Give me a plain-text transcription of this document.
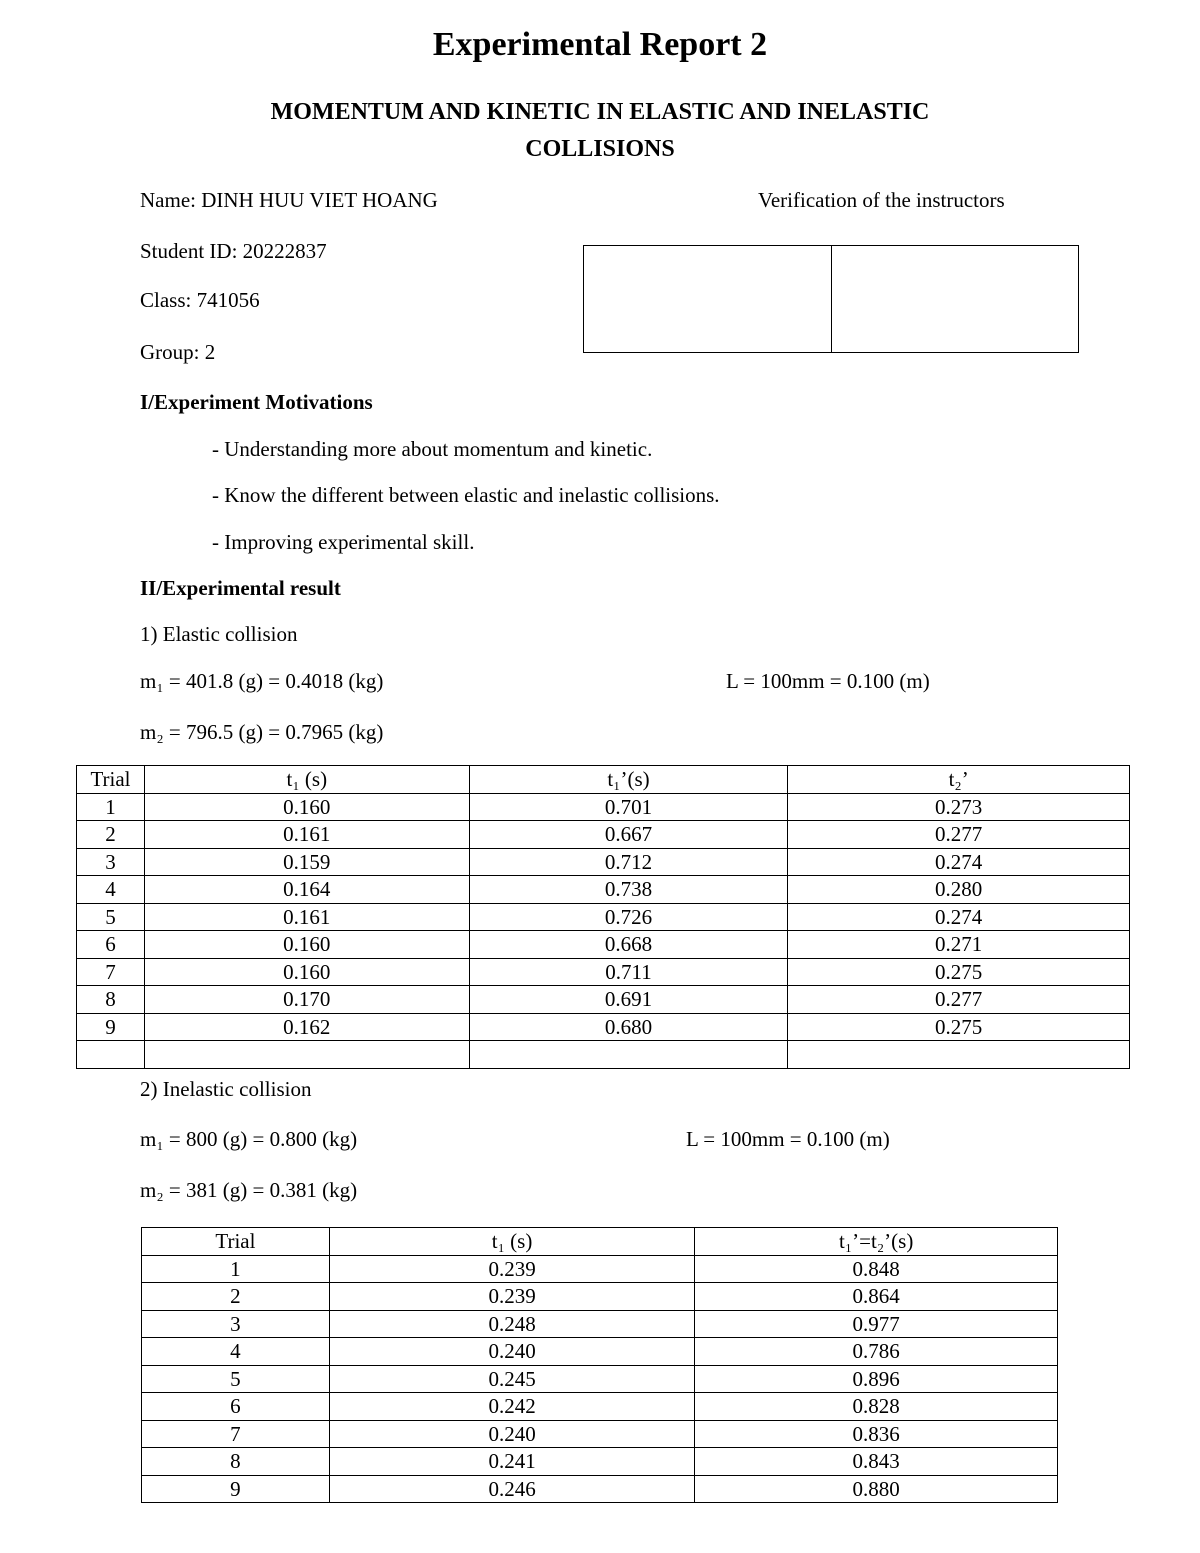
Experimental Report 2
MOMENTUM AND KINETIC IN ELASTIC AND INELASTIC
COLLISIONS
Name: DINH HUU VIET HOANG	Verification of the instructors
Student ID: 20222837
Class: 741056
Group: 2
I/Experiment Motivations
- Understanding more about momentum and kinetic.
- Know the different between elastic and inelastic collisions.
- Improving experimental skill.
II/Experimental result
1) Elastic collision
m₁ = 401.8 (g) = 0.4018 (kg)	L = 100mm = 0.100 (m)
m₂ = 796.5 (g) = 0.7965 (kg)
Trial	t₁ (s)	t₁’(s)	t₂’
1	0.160	0.701	0.273
2	0.161	0.667	0.277
3	0.159	0.712	0.274
4	0.164	0.738	0.280
5	0.161	0.726	0.274
6	0.160	0.668	0.271
7	0.160	0.711	0.275
8	0.170	0.691	0.277
9	0.162	0.680	0.275

2) Inelastic collision
m₁ = 800 (g) = 0.800 (kg)	L = 100mm = 0.100 (m)
m₂ = 381 (g) = 0.381 (kg)
Trial	t₁ (s)	t₁’=t₂’(s)
1	0.239	0.848
2	0.239	0.864
3	0.248	0.977
4	0.240	0.786
5	0.245	0.896
6	0.242	0.828
7	0.240	0.836
8	0.241	0.843
9	0.246	0.880
